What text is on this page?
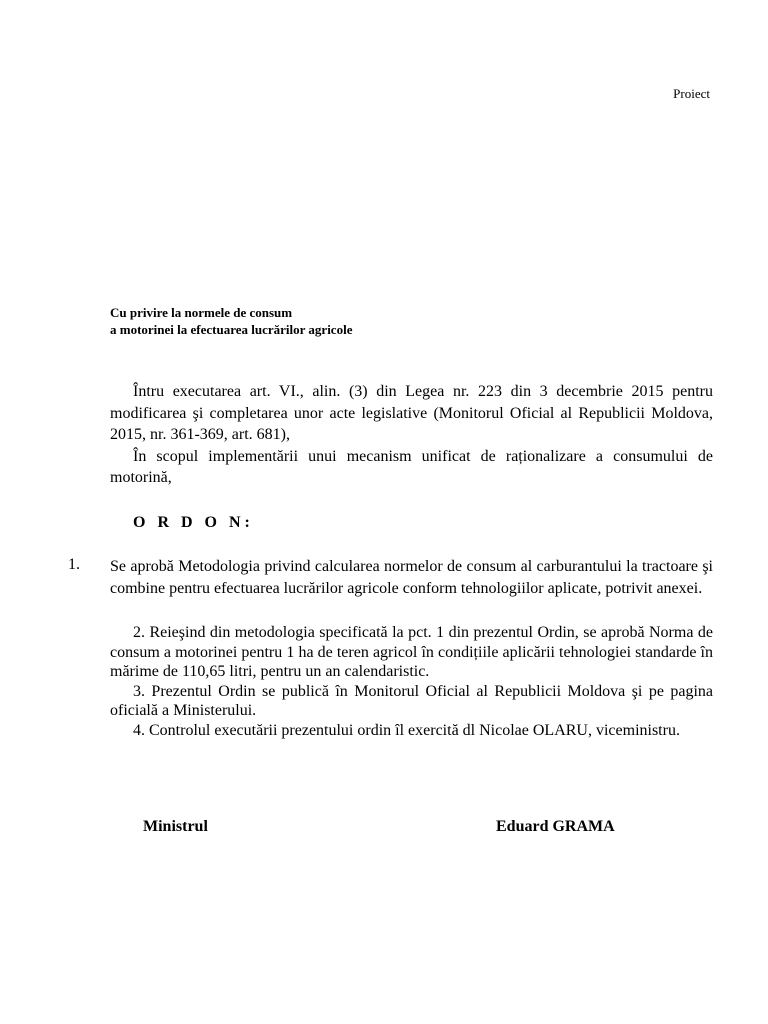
Proiect
Cu privire la normele de consum
a motorinei la efectuarea lucrărilor agricole

Întru executarea art. VI., alin. (3) din Legea nr. 223 din 3 decembrie 2015 pentru modificarea şi completarea unor acte legislative (Monitorul Oficial al Republicii Moldova, 2015, nr. 361-369, art. 681),

În scopul implementării unui mecanism unificat de raționalizare a consumului de motorină,

O R D O N:
1. Se aprobă Metodologia privind calcularea normelor de consum al carburantului la tractoare şi combine pentru efectuarea lucrărilor agricole conform tehnologiilor aplicate, potrivit anexei.

2. Reieşind din metodologia specificată la pct. 1 din prezentul Ordin, se aprobă Norma de consum a motorinei pentru 1 ha de teren agricol în condițiile aplicării tehnologiei standarde în mărime de 110,65 litri, pentru un an calendaristic.

3. Prezentul Ordin se publică în Monitorul Oficial al Republicii Moldova şi pe pagina oficială a Ministerului.

4. Controlul executării prezentului ordin îl exercită dl Nicolae OLARU, viceministru.

Ministrul	Eduard GRAMA
